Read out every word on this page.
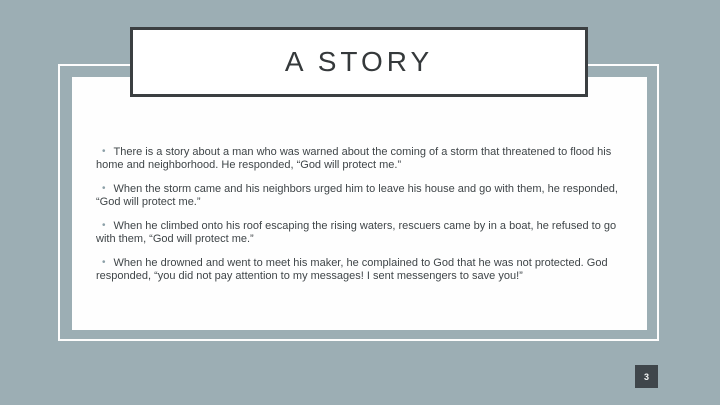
A STORY

• There is a story about a man who was warned about the coming of a storm that threatened to flood his home and neighborhood. He responded, “God will protect me.”

• When the storm came and his neighbors urged him to leave his house and go with them, he responded, “God will protect me.”

• When he climbed onto his roof escaping the rising waters, rescuers came by in a boat, he refused to go with them, “God will protect me.”

• When he drowned and went to meet his maker, he complained to God that he was not protected. God responded, “you did not pay attention to my messages! I sent messengers to save you!”

3
